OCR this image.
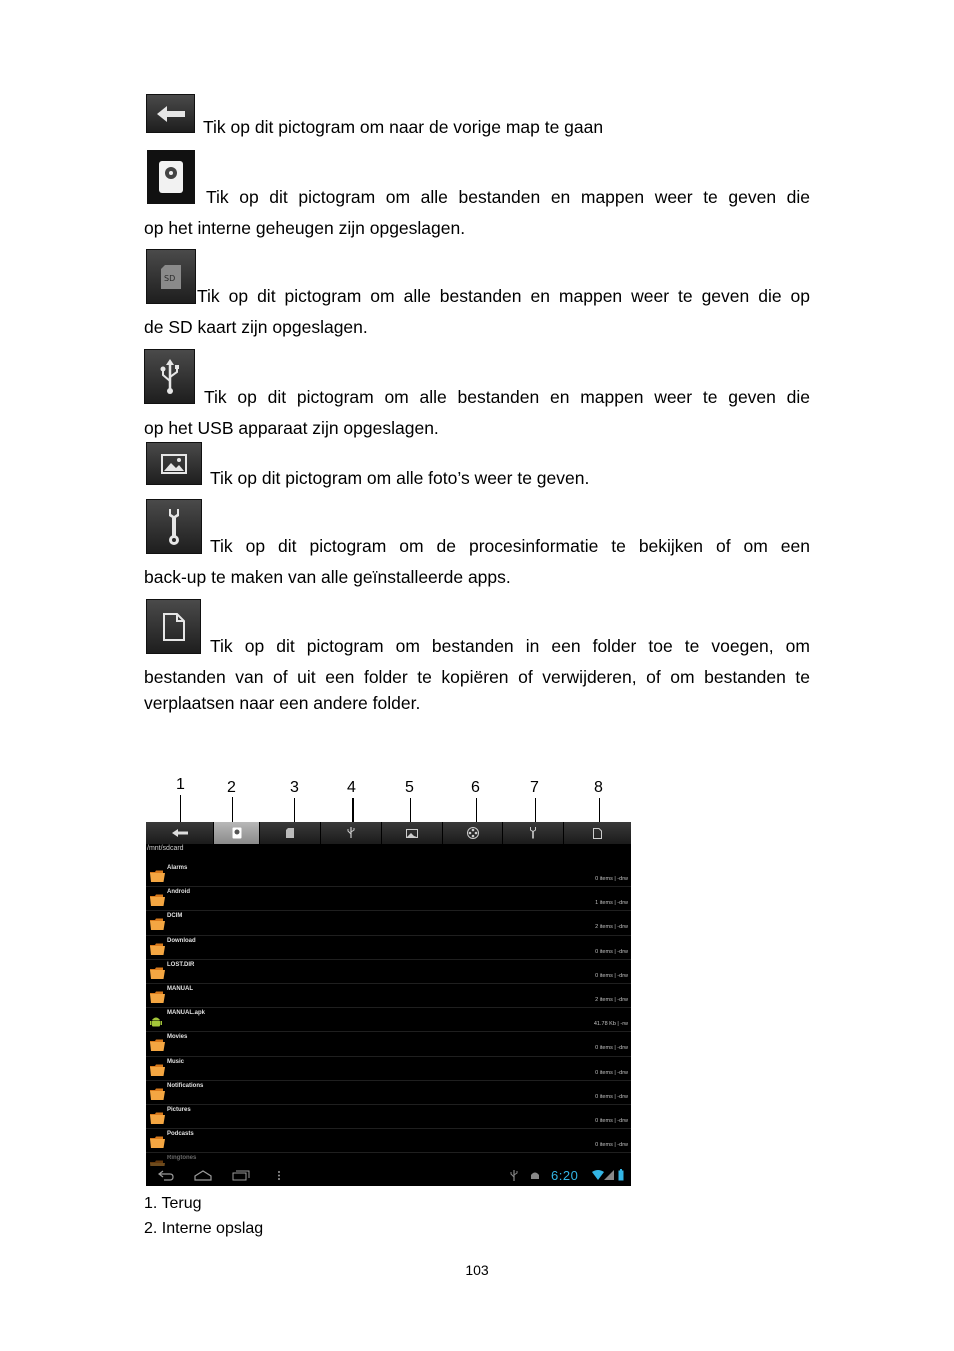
Tik op dit pictogram om naar de vorige map te gaan
Tik op dit pictogram om alle bestanden en mappen weer te geven die
op het interne geheugen zijn opgeslagen.
SD
Tik op dit pictogram om alle bestanden en mappen weer te geven die op
de SD kaart zijn opgeslagen.
Tik op dit pictogram om alle bestanden en mappen weer te geven die
op het USB apparaat zijn opgeslagen.
Tik op dit pictogram om alle foto’s weer te geven.
Tik op dit pictogram om de procesinformatie te bekijken of om een
back-up te maken van alle geïnstalleerde apps.
Tik op dit pictogram om bestanden in een folder toe te voegen, om
bestanden van of uit een folder te kopiëren of verwijderen, of om bestanden te
verplaatsen naar een andere folder.
1	2	3	4	5	6	7	8
/mnt/sdcard
Alarms
0 items | -drw
Android
1 items | -drw
DCIM
2 items | -drw
Download
0 items | -drw
LOST.DIR
0 items | -drw
MANUAL
2 items | -drw
MANUAL.apk
41.78 Kb | -rw
Movies
0 items | -drw
Music
0 items | -drw
Notifications
0 items | -drw
Pictures
0 items | -drw
Podcasts
0 items | -drw
Ringtones
6:20
1. Terug
2. Interne opslag
103
